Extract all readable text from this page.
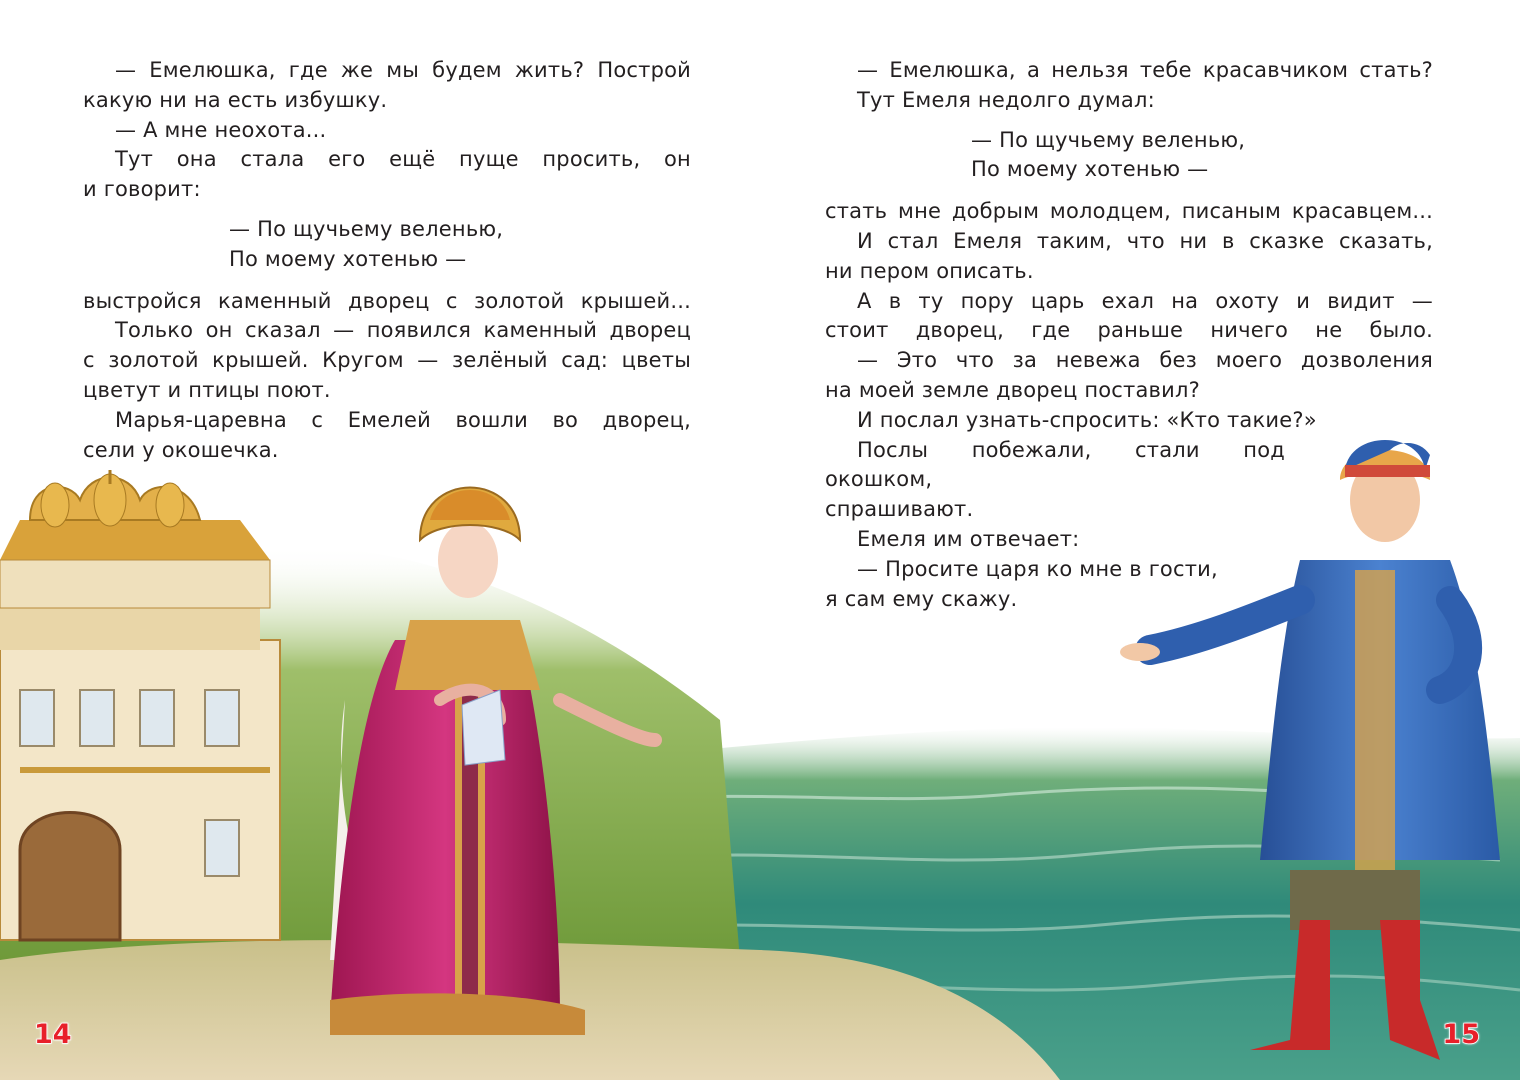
— Емелюшка, где же мы будем жить? Построй

какую ни на есть избушку.

— А мне неохота...

Тут она стала его ещё пуще просить, он

и говорит:

— По щучьему веленью,
По моему хотенью —

выстройся каменный дворец с золотой крышей...

Только он сказал — появился каменный дворец

с золотой крышей. Кругом — зелёный сад: цветы

цветут и птицы поют.

Марья-царевна с Емелей вошли во дворец,

сели у окошечка.

— Емелюшка, а нельзя тебе красавчиком стать?

Тут Емеля недолго думал:

— По щучьему веленью,
По моему хотенью —

стать мне добрым молодцем, писаным красавцем...

И стал Емеля таким, что ни в сказке сказать,

ни пером описать.

А в ту пору царь ехал на охоту и видит —

стоит дворец, где раньше ничего не было.

— Это что за невежа без моего дозволения

на моей земле дворец поставил?

И послал узнать-спросить: «Кто такие?»

Послы побежали, стали под окошком,

спрашивают.

Емеля им отвечает:

— Просите царя ко мне в гости,

я сам ему скажу.

14	15
